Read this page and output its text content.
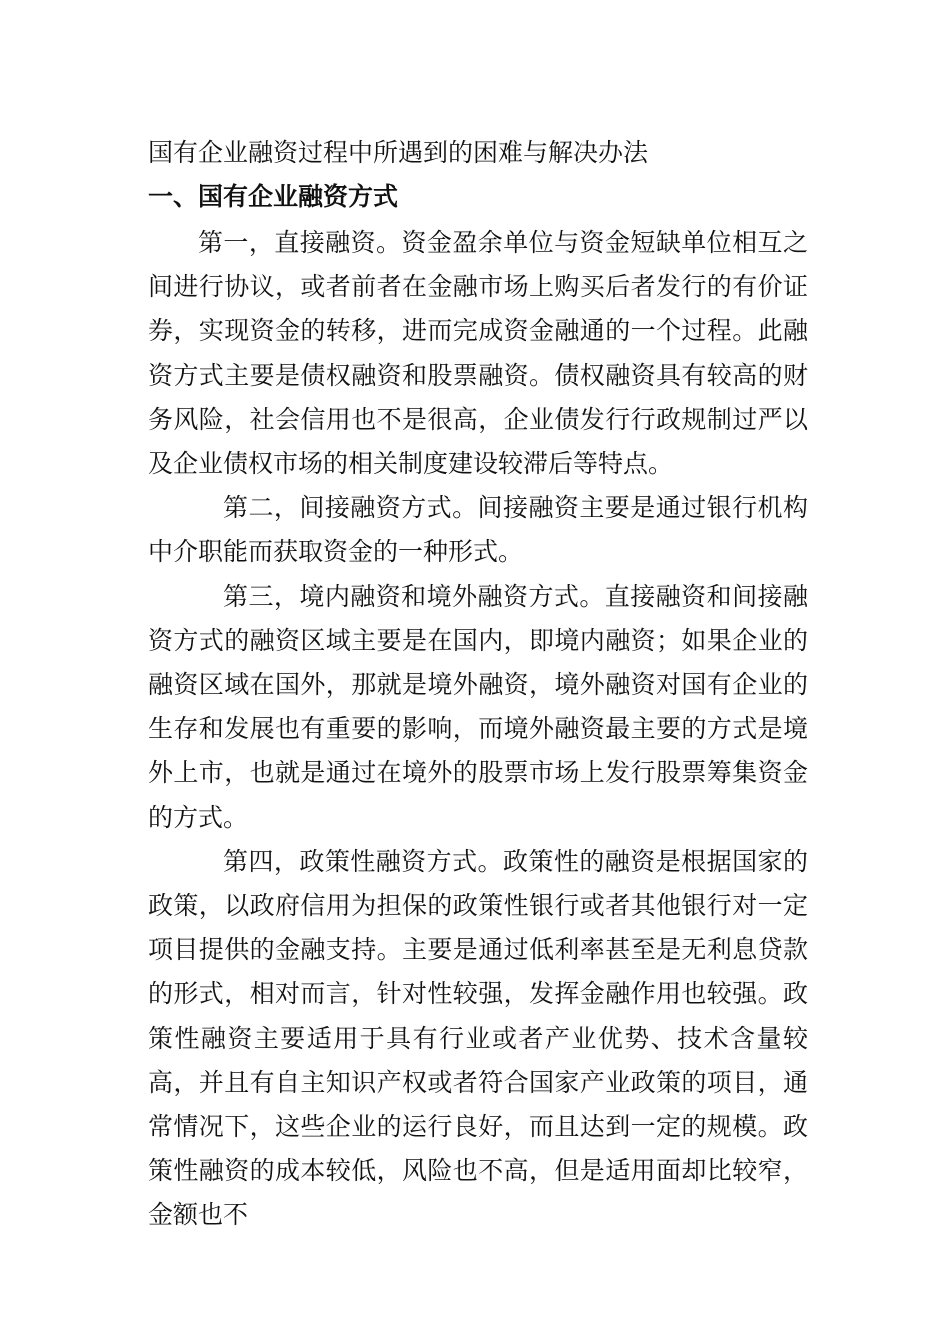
国有企业融资过程中所遇到的困难与解决办法
一、国有企业融资方式

第一，直接融资。资金盈余单位与资金短缺单位相互之间进行协议，或者前者在金融市场上购买后者发行的有价证券，实现资金的转移，进而完成资金融通的一个过程。此融资方式主要是债权融资和股票融资。债权融资具有较高的财务风险，社会信用也不是很高，企业债发行行政规制过严以及企业债权市场的相关制度建设较滞后等特点。

第二，间接融资方式。间接融资主要是通过银行机构中介职能而获取资金的一种形式。

第三，境内融资和境外融资方式。直接融资和间接融资方式的融资区域主要是在国内，即境内融资；如果企业的融资区域在国外，那就是境外融资，境外融资对国有企业的生存和发展也有重要的影响，而境外融资最主要的方式是境外上市，也就是通过在境外的股票市场上发行股票筹集资金的方式。

第四，政策性融资方式。政策性的融资是根据国家的政策，以政府信用为担保的政策性银行或者其他银行对一定项目提供的金融支持。主要是通过低利率甚至是无利息贷款的形式，相对而言，针对性较强，发挥金融作用也较强。政策性融资主要适用于具有行业或者产业优势、技术含量较高，并且有自主知识产权或者符合国家产业政策的项目，通常情况下，这些企业的运行良好，而且达到一定的规模。政策性融资的成本较低，风险也不高，但是适用面却比较窄，金额也不
